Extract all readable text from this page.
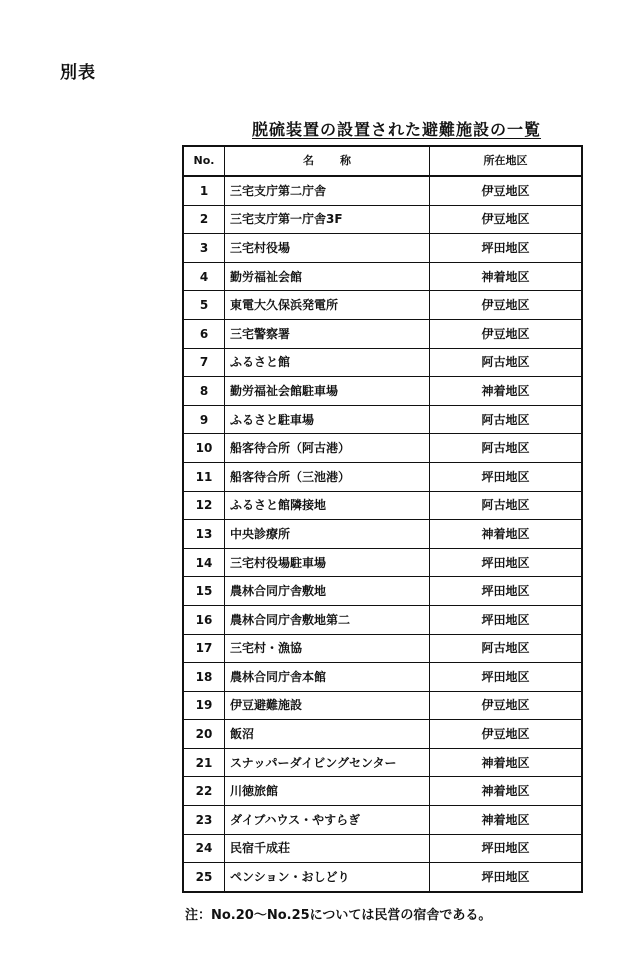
別表
脱硫装置の設置された避難施設の一覧
No.	名称	所在地区
1	三宅支庁第二庁舎	伊豆地区
2	三宅支庁第一庁舎3F	伊豆地区
3	三宅村役場	坪田地区
4	勤労福祉会館	神着地区
5	東電大久保浜発電所	伊豆地区
6	三宅警察署	伊豆地区
7	ふるさと館	阿古地区
8	勤労福祉会館駐車場	神着地区
9	ふるさと駐車場	阿古地区
10	船客待合所（阿古港）	阿古地区
11	船客待合所（三池港）	坪田地区
12	ふるさと館隣接地	阿古地区
13	中央診療所	神着地区
14	三宅村役場駐車場	坪田地区
15	農林合同庁舎敷地	坪田地区
16	農林合同庁舎敷地第二	坪田地区
17	三宅村・漁協	阿古地区
18	農林合同庁舎本館	坪田地区
19	伊豆避難施設	伊豆地区
20	飯沼	伊豆地区
21	スナッパーダイビングセンター	神着地区
22	川徳旅館	神着地区
23	ダイブハウス・やすらぎ	神着地区
24	民宿千成荘	坪田地区
25	ペンション・おしどり	坪田地区
注：No.20～No.25については民営の宿舎である。
